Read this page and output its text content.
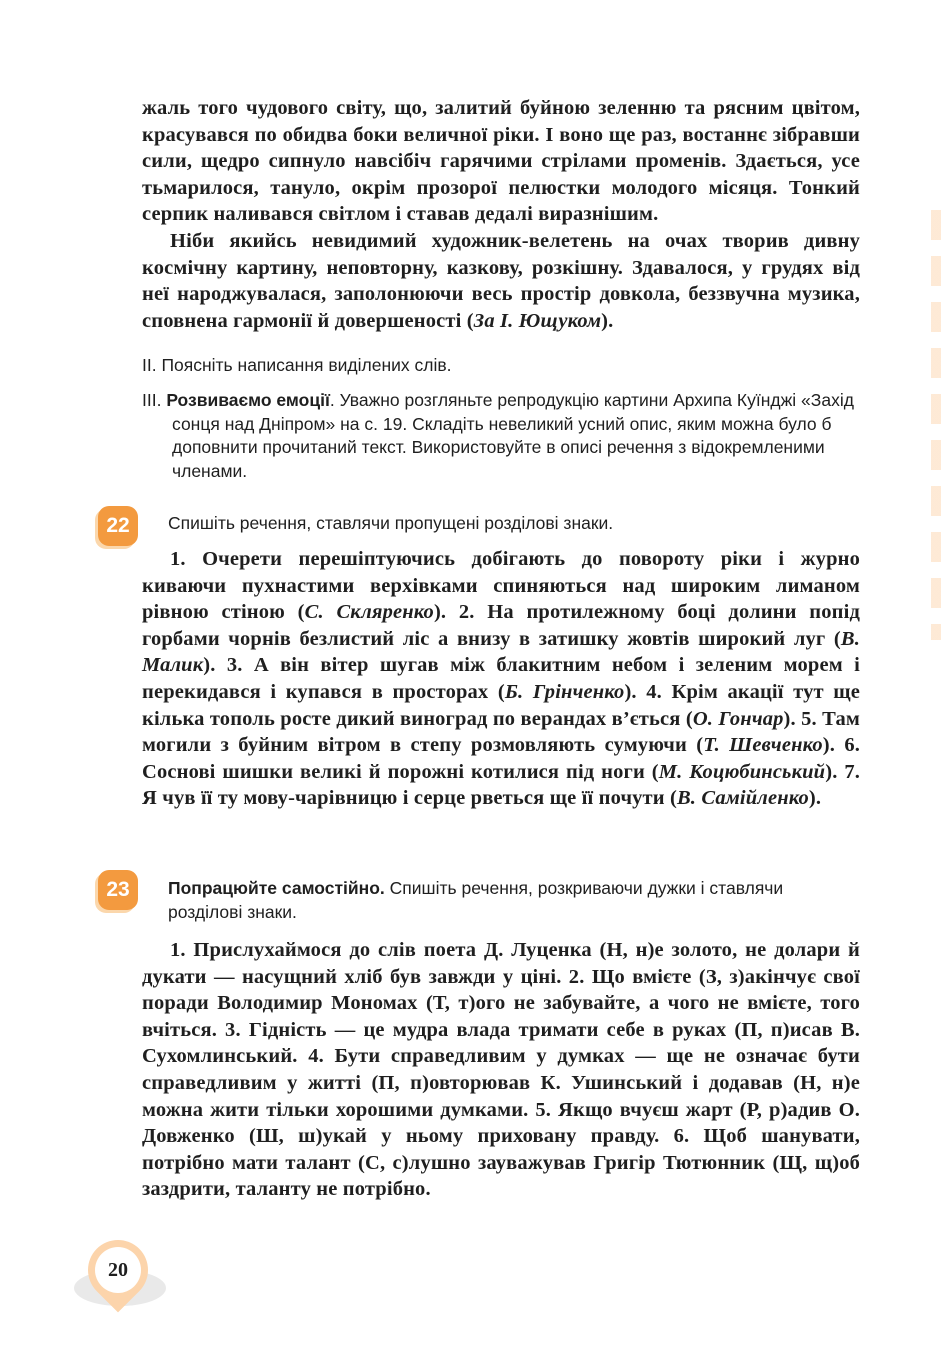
жаль того чудового світу, що, залитий буйною зеленню та рясним цвітом, красувався по обидва боки величної ріки. І воно ще раз, востаннє зібравши сили, щедро сипнуло навсібіч гарячими стрілами променів. Здається, усе тьмарилося, тануло, окрім прозорої пелюстки молодого місяця. Тонкий серпик наливався світлом і ставав дедалі виразнішим.

Ніби якийсь невидимий художник-велетень на очах творив дивну космічну картину, неповторну, казкову, розкішну. Здавалося, у грудях від неї народжувалася, заполонюючи весь простір довкола, беззвучна музика, сповнена гармонії й довершеності (За І. Ющуком).

II. Поясніть написання виділених слів.

III. Розвиваємо емоції. Уважно розгляньте репродукцію картини Архипа Куїнджі «Захід сонця над Дніпром» на с. 19. Складіть невеликий усний опис, яким можна було б доповнити прочитаний текст. Використовуйте в описі речення з відокремленими членами.

22	Спишіть речення, ставлячи пропущені розділові знаки.

1. Очерети перешіптуючись добігають до повороту ріки і журно киваючи пухнастими верхівками спиняються над широким лиманом рівною стіною (С. Скляренко). 2. На протилежному боці долини попід горбами чорнів безлистий ліс а внизу в затишку жовтів широкий луг (В. Малик). 3. А він вітер шугав між блакитним небом і зеленим морем і перекидався і купався в просторах (Б. Грінченко). 4. Крім акації тут ще кілька тополь росте дикий виноград по верандах в’ється (О. Гончар). 5. Там могили з буйним вітром в степу розмовляють сумуючи (Т. Шевченко). 6. Соснові шишки великі й порожні котилися під ноги (М. Коцюбинський). 7. Я чув її ту мову-чарівницю і серце рветься ще її почути (В. Самійленко).

23	Попрацюйте самостійно. Спишіть речення, розкриваючи дужки і ставлячи розділові знаки.

1. Прислухаймося до слів поета Д. Луценка (Н, н)е золото, не долари й дукати — насущний хліб був завжди у ціні. 2. Що вмієте (З, з)акінчує свої поради Володимир Мономах (Т, т)ого не забувайте, а чого не вмієте, того вчіться. 3. Гідність — це мудра влада тримати себе в руках (П, п)исав В. Сухомлинський. 4. Бути справедливим у думках — ще не означає бути справедливим у житті (П, п)овторював К. Ушинський і додавав (Н, н)е можна жити тільки хорошими думками. 5. Якщо вчуєш жарт (Р, р)адив О. Довженко (Ш, ш)укай у ньому приховану правду. 6. Щоб шанувати, потрібно мати талант (С, с)лушно зауважував Григір Тютюнник (Щ, щ)об заздрити, таланту не потрібно.

20
